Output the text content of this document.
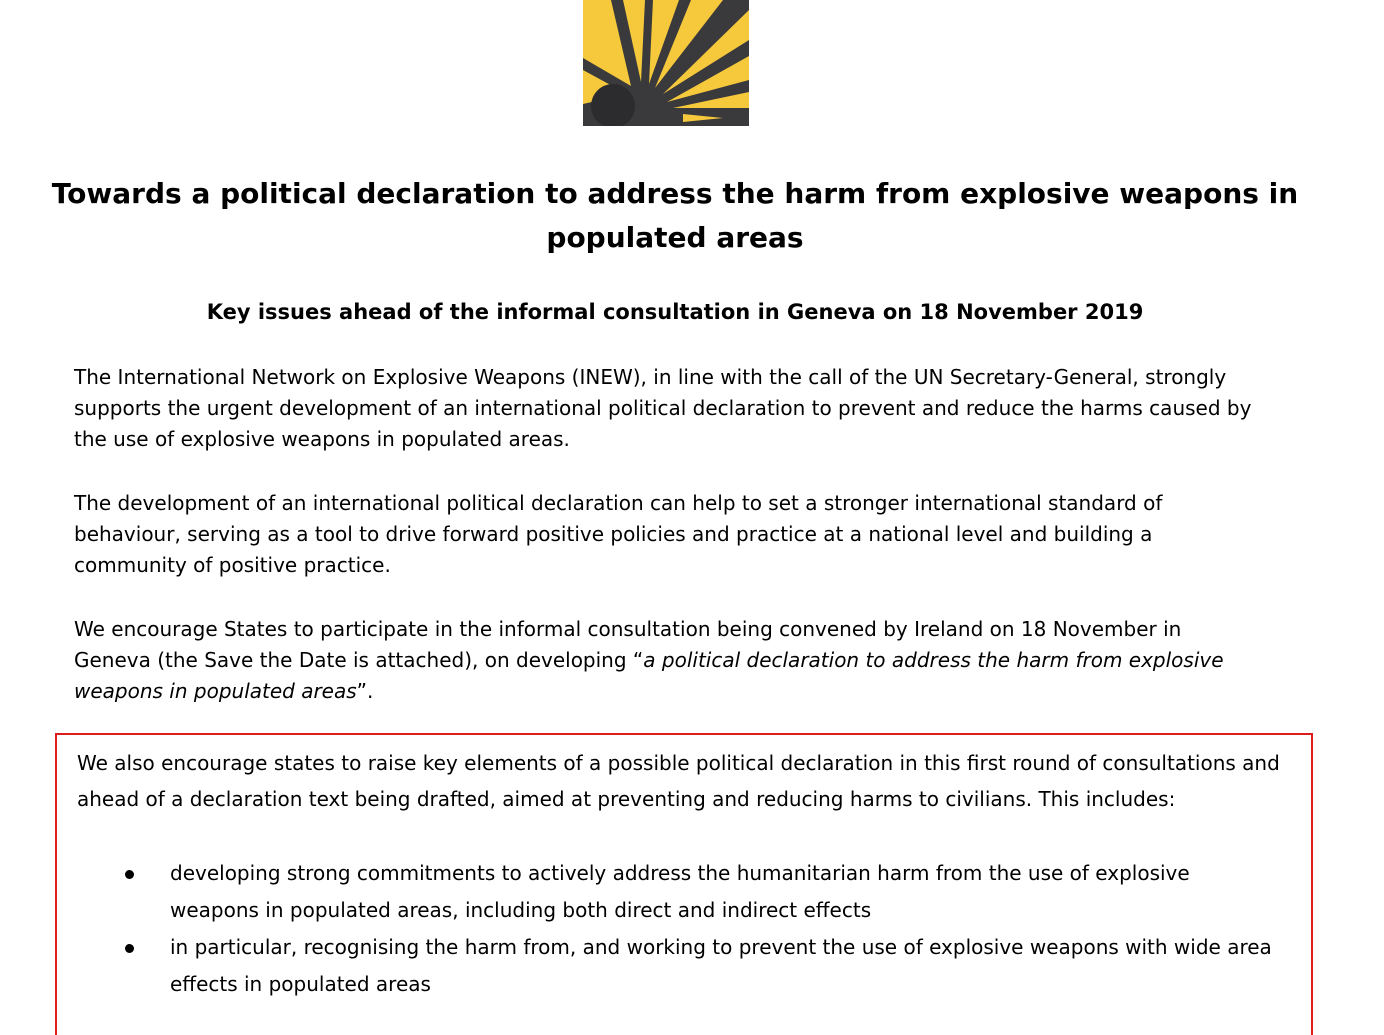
Towards a political declaration to address the harm from explosive weapons in populated areas
Key issues ahead of the informal consultation in Geneva on 18 November 2019

The International Network on Explosive Weapons (INEW), in line with the call of the UN Secretary-General, strongly supports the urgent development of an international political declaration to prevent and reduce the harms caused by the use of explosive weapons in populated areas.

The development of an international political declaration can help to set a stronger international standard of behaviour, serving as a tool to drive forward positive policies and practice at a national level and building a community of positive practice.

We encourage States to participate in the informal consultation being convened by Ireland on 18 November in Geneva (the Save the Date is attached), on developing “a political declaration to address the harm from explosive weapons in populated areas”.

We also encourage states to raise key elements of a possible political declaration in this first round of consultations and ahead of a declaration text being drafted, aimed at preventing and reducing harms to civilians. This includes:

developing strong commitments to actively address the humanitarian harm from the use of explosive weapons in populated areas, including both direct and indirect effects
in particular, recognising the harm from, and working to prevent the use of explosive weapons with wide area effects in populated areas
